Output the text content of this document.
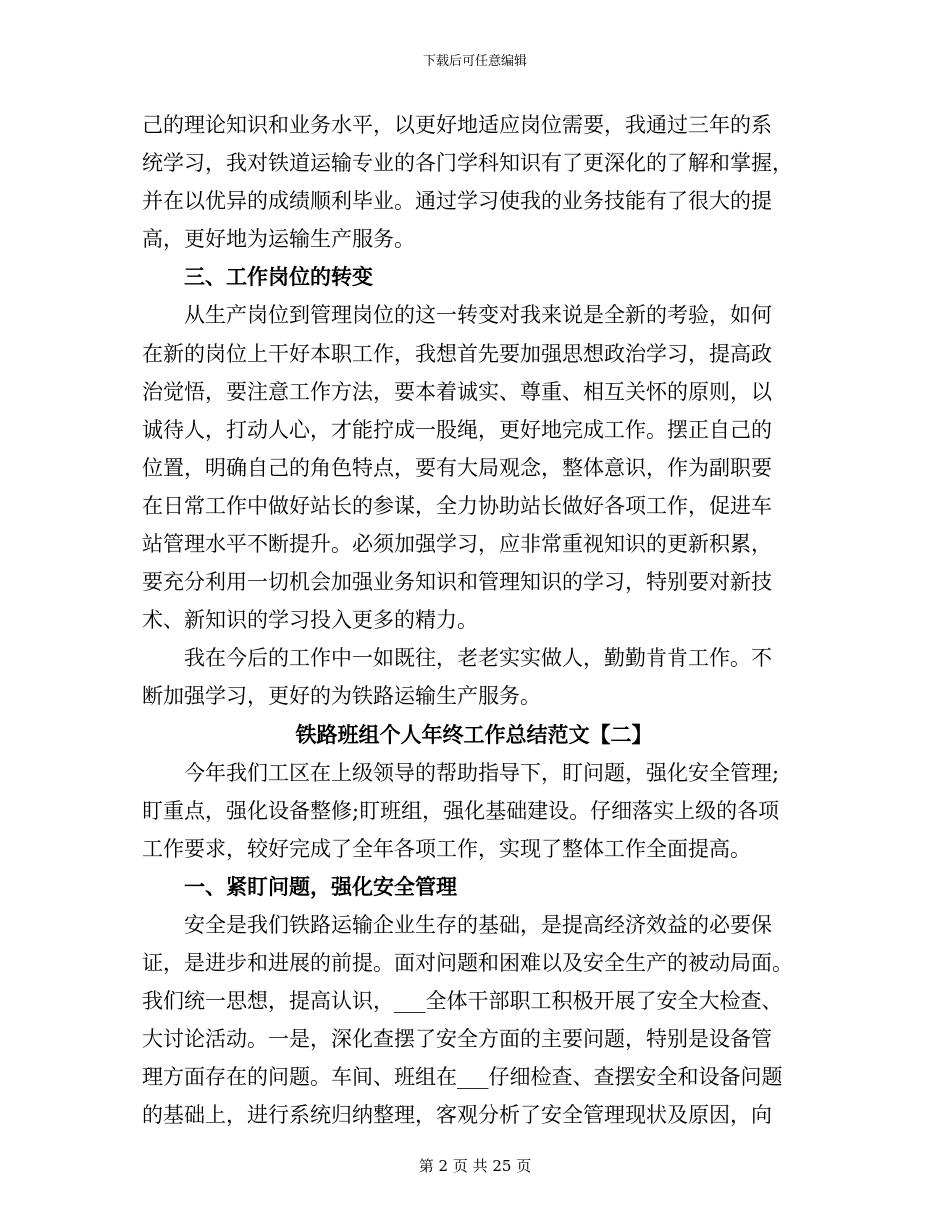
下载后可任意编辑

己的理论知识和业务水平，以更好地适应岗位需要，我通过三年的系
统学习，我对铁道运输专业的各门学科知识有了更深化的了解和掌握，
并在以优异的成绩顺利毕业。通过学习使我的业务技能有了很大的提
高，更好地为运输生产服务。

三、工作岗位的转变

从生产岗位到管理岗位的这一转变对我来说是全新的考验，如何
在新的岗位上干好本职工作，我想首先要加强思想政治学习，提高政
治觉悟，要注意工作方法，要本着诚实、尊重、相互关怀的原则，以
诚待人，打动人心，才能拧成一股绳，更好地完成工作。摆正自己的
位置，明确自己的角色特点，要有大局观念，整体意识，作为副职要
在日常工作中做好站长的参谋，全力协助站长做好各项工作，促进车
站管理水平不断提升。必须加强学习，应非常重视知识的更新积累，
要充分利用一切机会加强业务知识和管理知识的学习，特别要对新技
术、新知识的学习投入更多的精力。

我在今后的工作中一如既往，老老实实做人，勤勤肯肯工作。不
断加强学习，更好的为铁路运输生产服务。

铁路班组个人年终工作总结范文【二】

今年我们工区在上级领导的帮助指导下，盯问题，强化安全管理;
盯重点，强化设备整修;盯班组，强化基础建设。仔细落实上级的各项
工作要求，较好完成了全年各项工作，实现了整体工作全面提高。

一、紧盯问题，强化安全管理

安全是我们铁路运输企业生存的基础，是提高经济效益的必要保
证，是进步和进展的前提。面对问题和困难以及安全生产的被动局面。
我们统一思想，提高认识，___全体干部职工积极开展了安全大检查、
大讨论活动。一是，深化查摆了安全方面的主要问题，特别是设备管
理方面存在的问题。车间、班组在___仔细检查、查摆安全和设备问题
的基础上，进行系统归纳整理，客观分析了安全管理现状及原因，向

第 2 页 共 25 页
